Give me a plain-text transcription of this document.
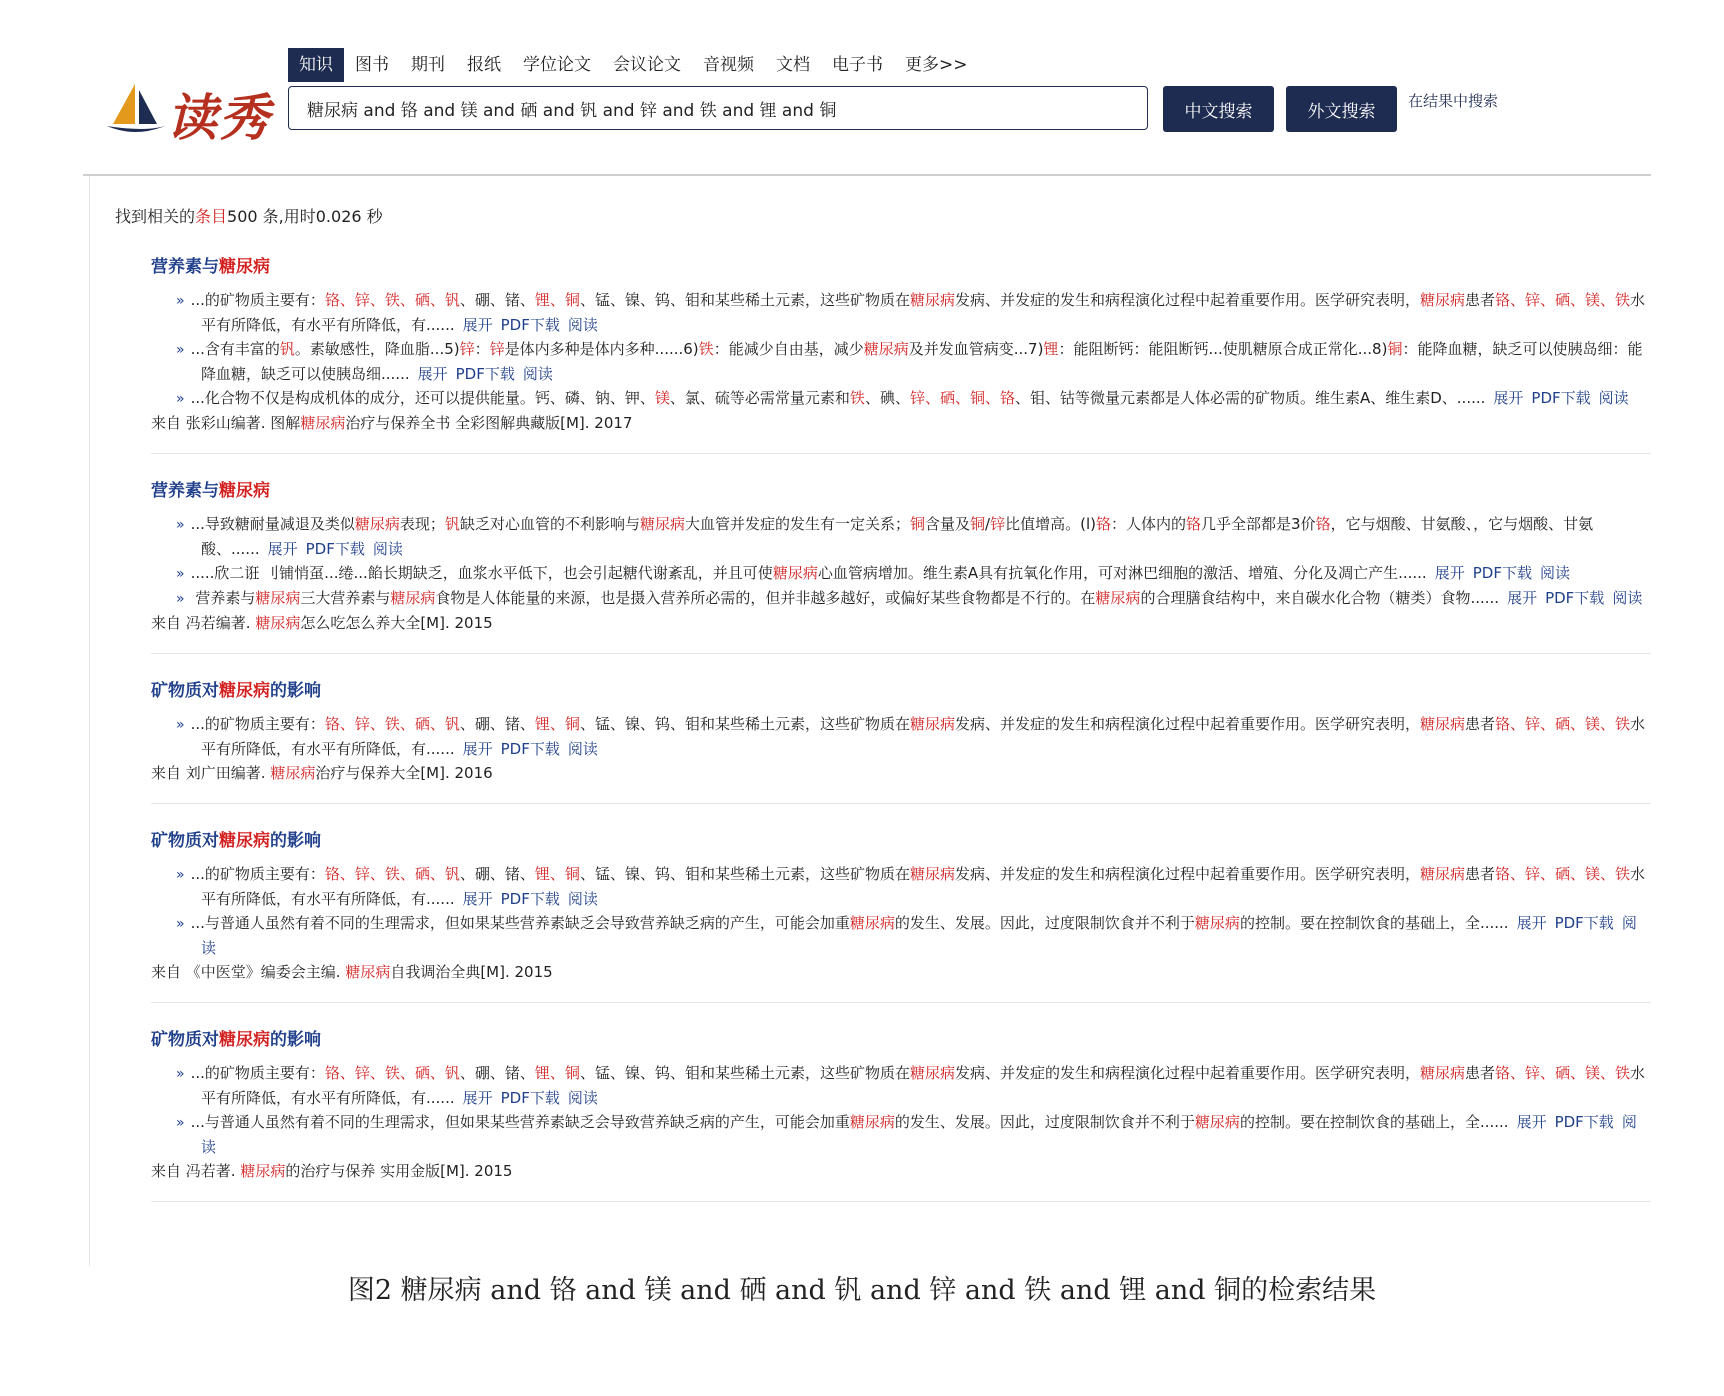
读秀
知识	图书	期刊	报纸	学位论文	会议论文	音视频	文档	电子书	更多>>
糖尿病 and 铬 and 镁 and 硒 and 钒 and 锌 and 铁 and 锂 and 铜
中文搜索	外文搜索
在结果中搜索
找到相关的条目500 条,用时0.026 秒
营养素与糖尿病
» ...的矿物质主要有：铬、锌、铁、硒、钒、硼、锗、锂、铜、锰、镍、钨、钼和某些稀土元素，这些矿物质在糖尿病发病、并发症的发生和病程演化过程中起着重要作用。医学研究表明，糖尿病患者铬、锌、硒、镁、铁水平有所降低，有水平有所降低，有...... 展开 PDF下载 阅读
» ...含有丰富的钒。素敏感性，降血脂...5)锌：锌是体内多种是体内多种......6)铁：能减少自由基，减少糖尿病及并发血管病变...7)锂：能阻断钙：能阻断钙...使肌糖原合成正常化...8)铜：能降血糖，缺乏可以使胰岛细：能降血糖，缺乏可以使胰岛细...... 展开 PDF下载 阅读
» ...化合物不仅是构成机体的成分，还可以提供能量。钙、磷、钠、钾、镁、氯、硫等必需常量元素和铁、碘、锌、硒、铜、铬、钼、钴等微量元素都是人体必需的矿物质。维生素A、维生素D、...... 展开 PDF下载 阅读
来自 张彩山编著. 图解糖尿病治疗与保养全书 全彩图解典藏版[M]. 2017
营养素与糖尿病
» ...导致糖耐量减退及类似糖尿病表现；钒缺乏对心血管的不利影响与糖尿病大血管并发症的发生有一定关系；铜含量及铜/锌比值增高。(l)铬：人体内的铬几乎全部都是3价铬，它与烟酸、甘氨酸、，它与烟酸、甘氨酸、...... 展开 PDF下载 阅读
» .....欣二诳 刂铺悄虿...绻...餡长期缺乏，血浆水平低下，也会引起糖代谢紊乱，并且可使糖尿病心血管病增加。维生素A具有抗氧化作用，可对淋巴细胞的激活、增殖、分化及凋亡产生...... 展开 PDF下载 阅读
» 营养素与糖尿病三大营养素与糖尿病食物是人体能量的来源，也是摄入营养所必需的，但并非越多越好，或偏好某些食物都是不行的。在糖尿病的合理膳食结构中，来自碳水化合物（糖类）食物...... 展开 PDF下载 阅读
来自 冯若编著. 糖尿病怎么吃怎么养大全[M]. 2015
矿物质对糖尿病的影响
» ...的矿物质主要有：铬、锌、铁、硒、钒、硼、锗、锂、铜、锰、镍、钨、钼和某些稀土元素，这些矿物质在糖尿病发病、并发症的发生和病程演化过程中起着重要作用。医学研究表明，糖尿病患者铬、锌、硒、镁、铁水平有所降低，有水平有所降低，有...... 展开 PDF下载 阅读
来自 刘广田编著. 糖尿病治疗与保养大全[M]. 2016
矿物质对糖尿病的影响
» ...的矿物质主要有：铬、锌、铁、硒、钒、硼、锗、锂、铜、锰、镍、钨、钼和某些稀土元素，这些矿物质在糖尿病发病、并发症的发生和病程演化过程中起着重要作用。医学研究表明，糖尿病患者铬、锌、硒、镁、铁水平有所降低，有水平有所降低，有...... 展开 PDF下载 阅读
» ...与普通人虽然有着不同的生理需求，但如果某些营养素缺乏会导致营养缺乏病的产生，可能会加重糖尿病的发生、发展。因此，过度限制饮食并不利于糖尿病的控制。要在控制饮食的基础上，全...... 展开 PDF下载 阅读
来自 《中医堂》编委会主编. 糖尿病自我调治全典[M]. 2015
矿物质对糖尿病的影响
» ...的矿物质主要有：铬、锌、铁、硒、钒、硼、锗、锂、铜、锰、镍、钨、钼和某些稀土元素，这些矿物质在糖尿病发病、并发症的发生和病程演化过程中起着重要作用。医学研究表明，糖尿病患者铬、锌、硒、镁、铁水平有所降低，有水平有所降低，有...... 展开 PDF下载 阅读
» ...与普通人虽然有着不同的生理需求，但如果某些营养素缺乏会导致营养缺乏病的产生，可能会加重糖尿病的发生、发展。因此，过度限制饮食并不利于糖尿病的控制。要在控制饮食的基础上，全...... 展开 PDF下载 阅读
来自 冯若著. 糖尿病的治疗与保养 实用金版[M]. 2015
图2 糖尿病 and 铬 and 镁 and 硒 and 钒 and 锌 and 铁 and 锂 and 铜的检索结果
